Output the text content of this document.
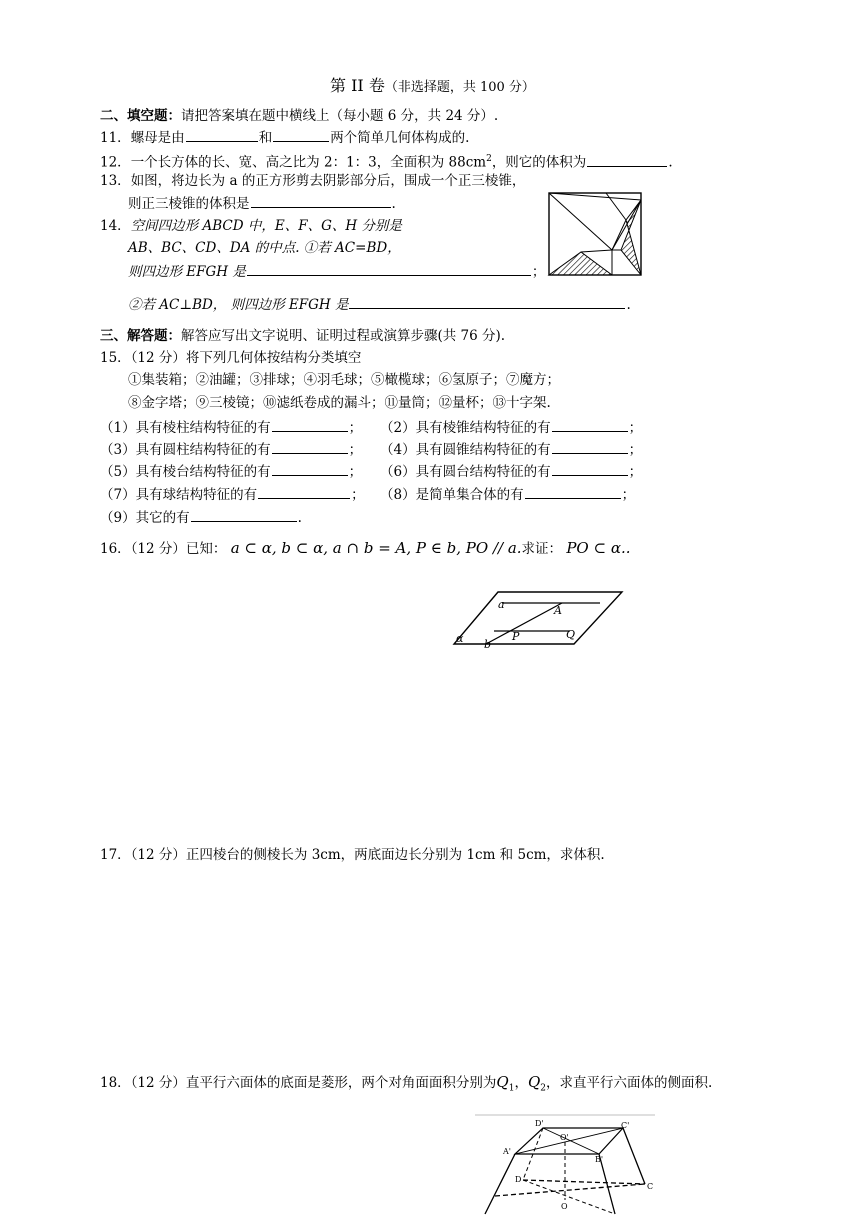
第 II 卷（非选择题，共 100 分）
二、填空题：请把答案填在题中横线上（每小题 6 分，共 24 分）.
11．螺母是由	和	两个简单几何体构成的.
12．一个长方体的长、宽、高之比为 2：1：3，全面积为 $88cm^2$，则它的体积为	.
13．如图，将边长为 a 的正方形剪去阴影部分后，围成一个正三棱锥，
则正三棱锥的体积是	.
14．空间四边形 ABCD 中，E、F、G、H 分别是
AB、BC、CD、DA 的中点. ①若 AC=BD，
则四边形 EFGH 是	；
②若 AC⊥BD， 则四边形 EFGH 是	.
三、解答题：解答应写出文字说明、证明过程或演算步骤(共 76 分).
15．（12 分）将下列几何体按结构分类填空
①集装箱；②油罐；③排球；④羽毛球；⑤橄榄球；⑥氢原子；⑦魔方；
⑧金字塔；⑨三棱镜；⑩滤纸卷成的漏斗；⑪量筒；⑫量杯；⑬十字架.
（1）具有棱柱结构特征的有	； （2）具有棱锥结构特征的有	；
（3）具有圆柱结构特征的有	； （4）具有圆锥结构特征的有	；
（5）具有棱台结构特征的有	； （6）具有圆台结构特征的有	；
（7）具有球结构特征的有	； （8）是简单集合体的有	；
（9）其它的有	.
16．（12 分）已知： a ⊂ α, b ⊂ α, a ∩ b = A, P ∈ b, PO // a.求证： PO ⊂ α..
a	A
b
P
α	Q
17．（12 分）正四棱台的侧棱长为 3cm，两底面边长分别为 1cm 和 5cm，求体积.
18．（12 分）直平行六面体的底面是菱形，两个对角面面积分别为$Q_1$，$Q_2$，求直平行六面体的侧面积.
D'
O'
C'
A'
B'
D
C
O
